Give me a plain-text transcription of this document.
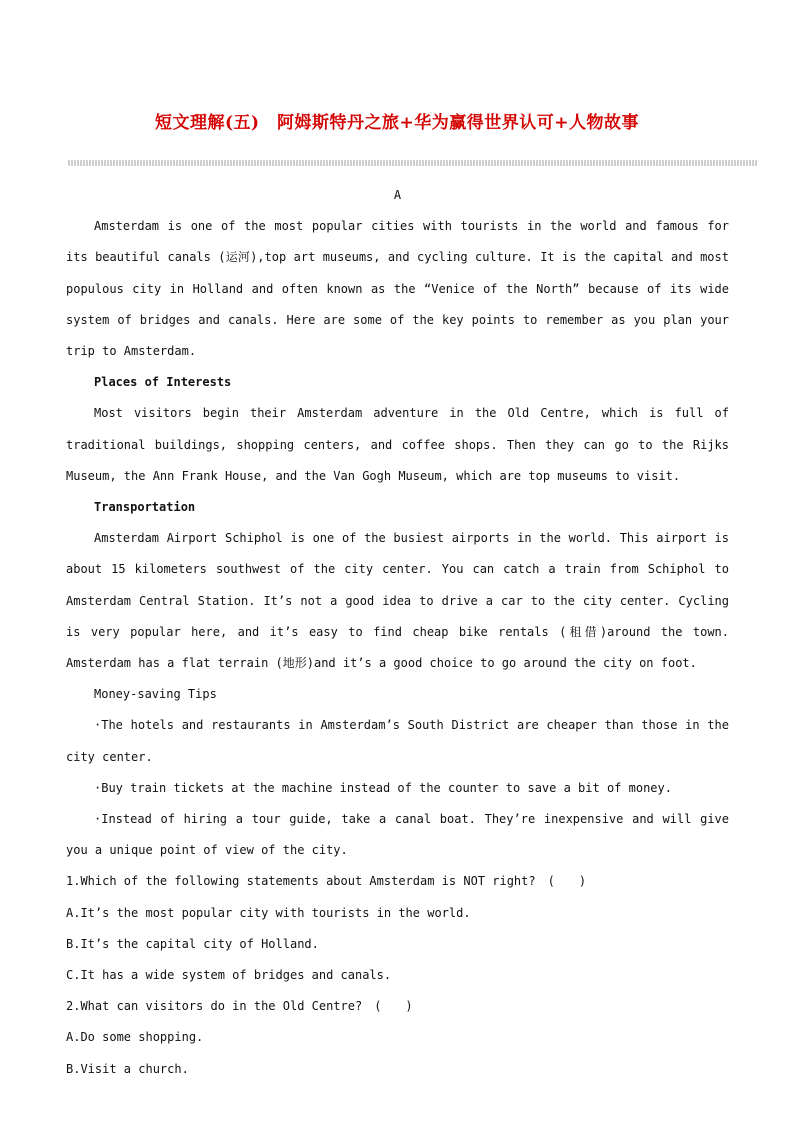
短文理解(五)　阿姆斯特丹之旅+华为赢得世界认可+人物故事

A

Amsterdam is one of the most popular cities with tourists in the world and famous for its beautiful canals (运河),top art museums, and cycling culture. It is the capital and most populous city in Holland and often known as the “Venice of the North” because of its wide system of bridges and canals. Here are some of the key points to remember as you plan your trip to Amsterdam.

Places of Interests

Most visitors begin their Amsterdam adventure in the Old Centre, which is full of traditional buildings, shopping centers, and coffee shops. Then they can go to the Rijks Museum, the Ann Frank House, and the Van Gogh Museum, which are top museums to visit.

Transportation

Amsterdam Airport Schiphol is one of the busiest airports in the world. This airport is about 15 kilometers southwest of the city center. You can catch a train from Schiphol to Amsterdam Central Station. It’s not a good idea to drive a car to the city center. Cycling is very popular here, and it’s easy to find cheap bike rentals (租借)around the town. Amsterdam has a flat terrain (地形)and it’s a good choice to go around the city on foot.

Money-saving Tips

·The hotels and restaurants in Amsterdam’s South District are cheaper than those in the city center.

·Buy train tickets at the machine instead of the counter to save a bit of money.

·Instead of hiring a tour guide, take a canal boat. They’re inexpensive and will give you a unique point of view of the city.

1.Which of the following statements about Amsterdam is NOT right?　(　　)

A.It’s the most popular city with tourists in the world.

B.It’s the capital city of Holland.

C.It has a wide system of bridges and canals.

2.What can visitors do in the Old Centre?　(　　)

A.Do some shopping.

B.Visit a church.
